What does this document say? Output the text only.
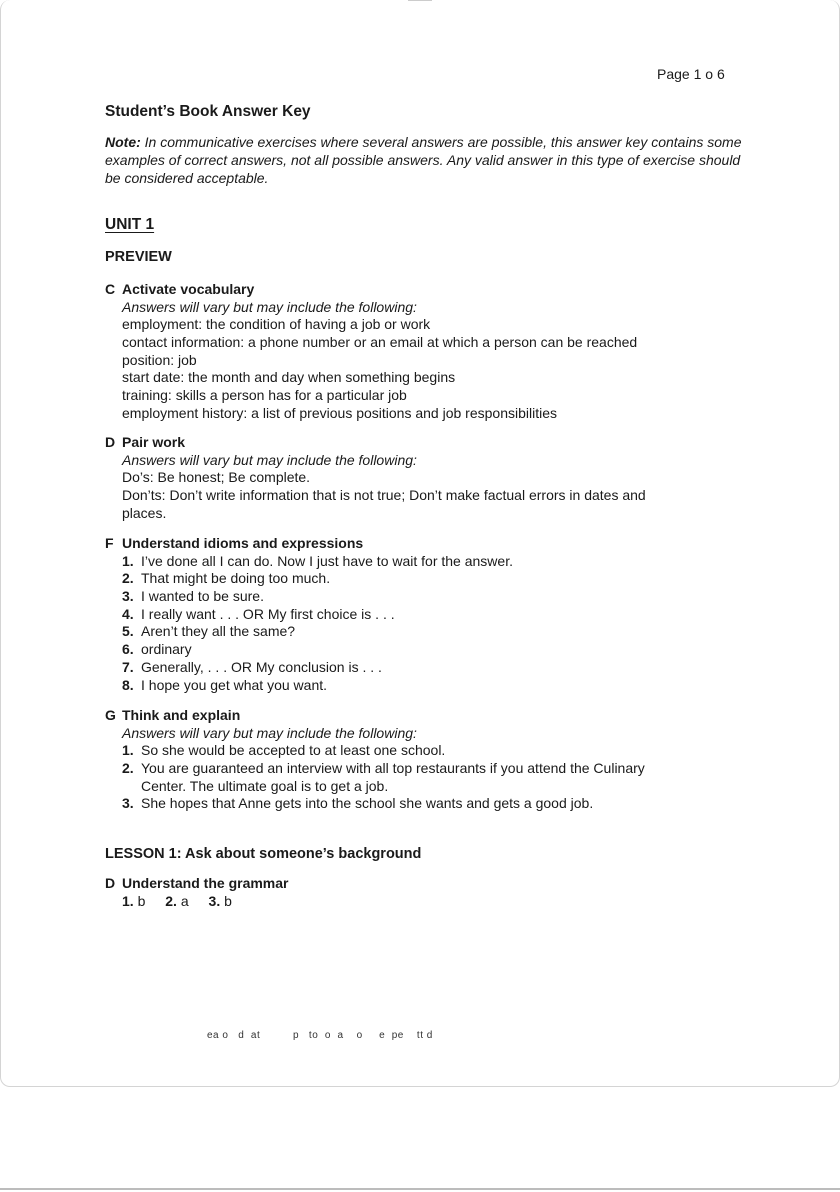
Page 1 o 6
Student’s Book Answer Key
Note: In communicative exercises where several answers are possible, this answer key contains some examples of correct answers, not all possible answers. Any valid answer in this type of exercise should be considered acceptable.
UNIT 1
PREVIEW
C Activate vocabulary
Answers will vary but may include the following:
employment: the condition of having a job or work
contact information: a phone number or an email at which a person can be reached
position: job
start date: the month and day when something begins
training: skills a person has for a particular job
employment history: a list of previous positions and job responsibilities
D Pair work
Answers will vary but may include the following:
Do’s: Be honest; Be complete.
Don’ts: Don’t write information that is not true; Don’t make factual errors in dates and
places.
F Understand idioms and expressions
1. I’ve done all I can do. Now I just have to wait for the answer.
2. That might be doing too much.
3. I wanted to be sure.
4. I really want . . . OR My first choice is . . .
5. Aren’t they all the same?
6. ordinary
7. Generally, . . . OR My conclusion is . . .
8. I hope you get what you want.
G Think and explain
Answers will vary but may include the following:
1. So she would be accepted to at least one school.
2. You are guaranteed an interview with all top restaurants if you attend the Culinary
Center. The ultimate goal is to get a job.
3. She hopes that Anne gets into the school she wants and gets a good job.
LESSON 1: Ask about someone’s background
D Understand the grammar
1. b 2. a 3. b
ea o   d  at          p   to  o  a    o     e  pe    tt d
